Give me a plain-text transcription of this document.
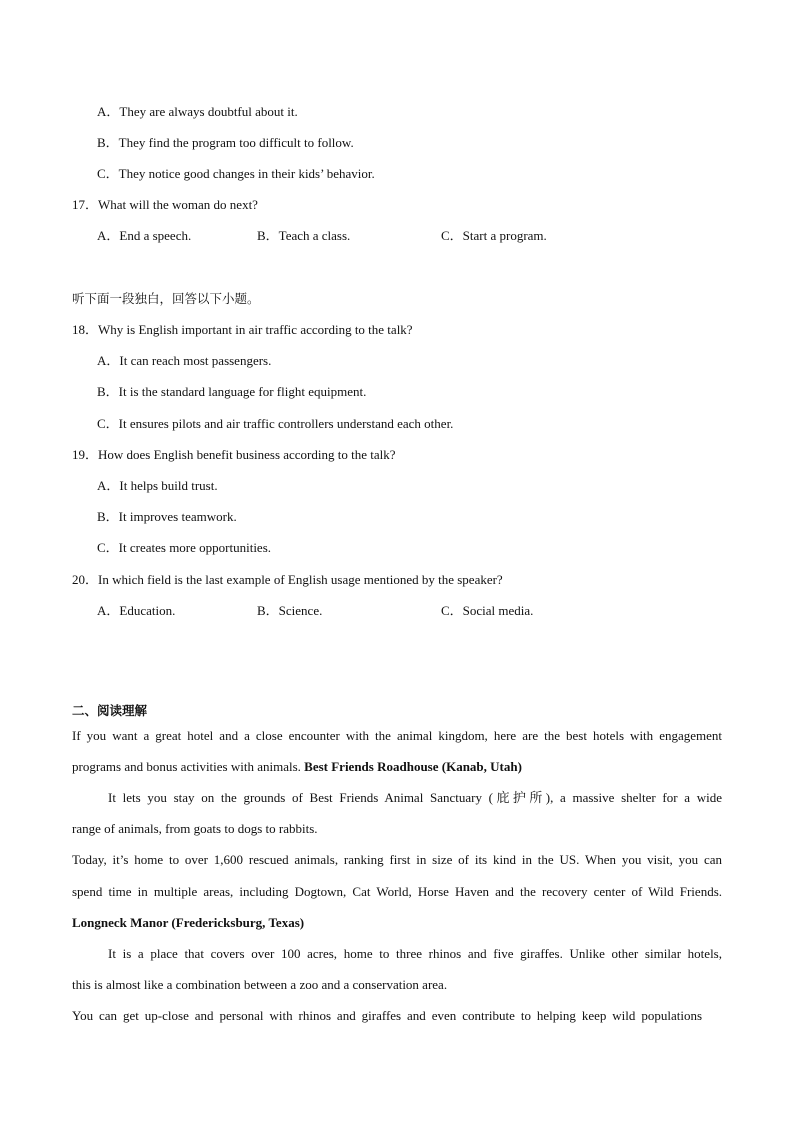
A．They are always doubtful about it.
B．They find the program too difficult to follow.
C．They notice good changes in their kids’ behavior.
17．What will the woman do next?
A．End a speech.	B．Teach a class.	C．Start a program.
听下面一段独白，回答以下小题。
18．Why is English important in air traffic according to the talk?
A．It can reach most passengers.
B．It is the standard language for flight equipment.
C．It ensures pilots and air traffic controllers understand each other.
19．How does English benefit business according to the talk?
A．It helps build trust.
B．It improves teamwork.
C．It creates more opportunities.
20．In which field is the last example of English usage mentioned by the speaker?
A．Education.	B．Science.	C．Social media.
二、阅读理解
If you want a great hotel and a close encounter with the animal kingdom, here are the best hotels with engagement
programs and bonus activities with animals. Best Friends Roadhouse (Kanab, Utah)
It lets you stay on the grounds of Best Friends Animal Sanctuary (庇护所), a massive shelter for a wide
range of animals, from goats to dogs to rabbits.
Today, it’s home to over 1,600 rescued animals, ranking first in size of its kind in the US. When you visit, you can
spend time in multiple areas, including Dogtown, Cat World, Horse Haven and the recovery center of Wild Friends.
Longneck Manor (Fredericksburg, Texas)
It is a place that covers over 100 acres, home to three rhinos and five giraffes. Unlike other similar hotels,
this is almost like a combination between a zoo and a conservation area.
You can get up-close and personal with rhinos and giraffes and even contribute to helping keep wild populations
